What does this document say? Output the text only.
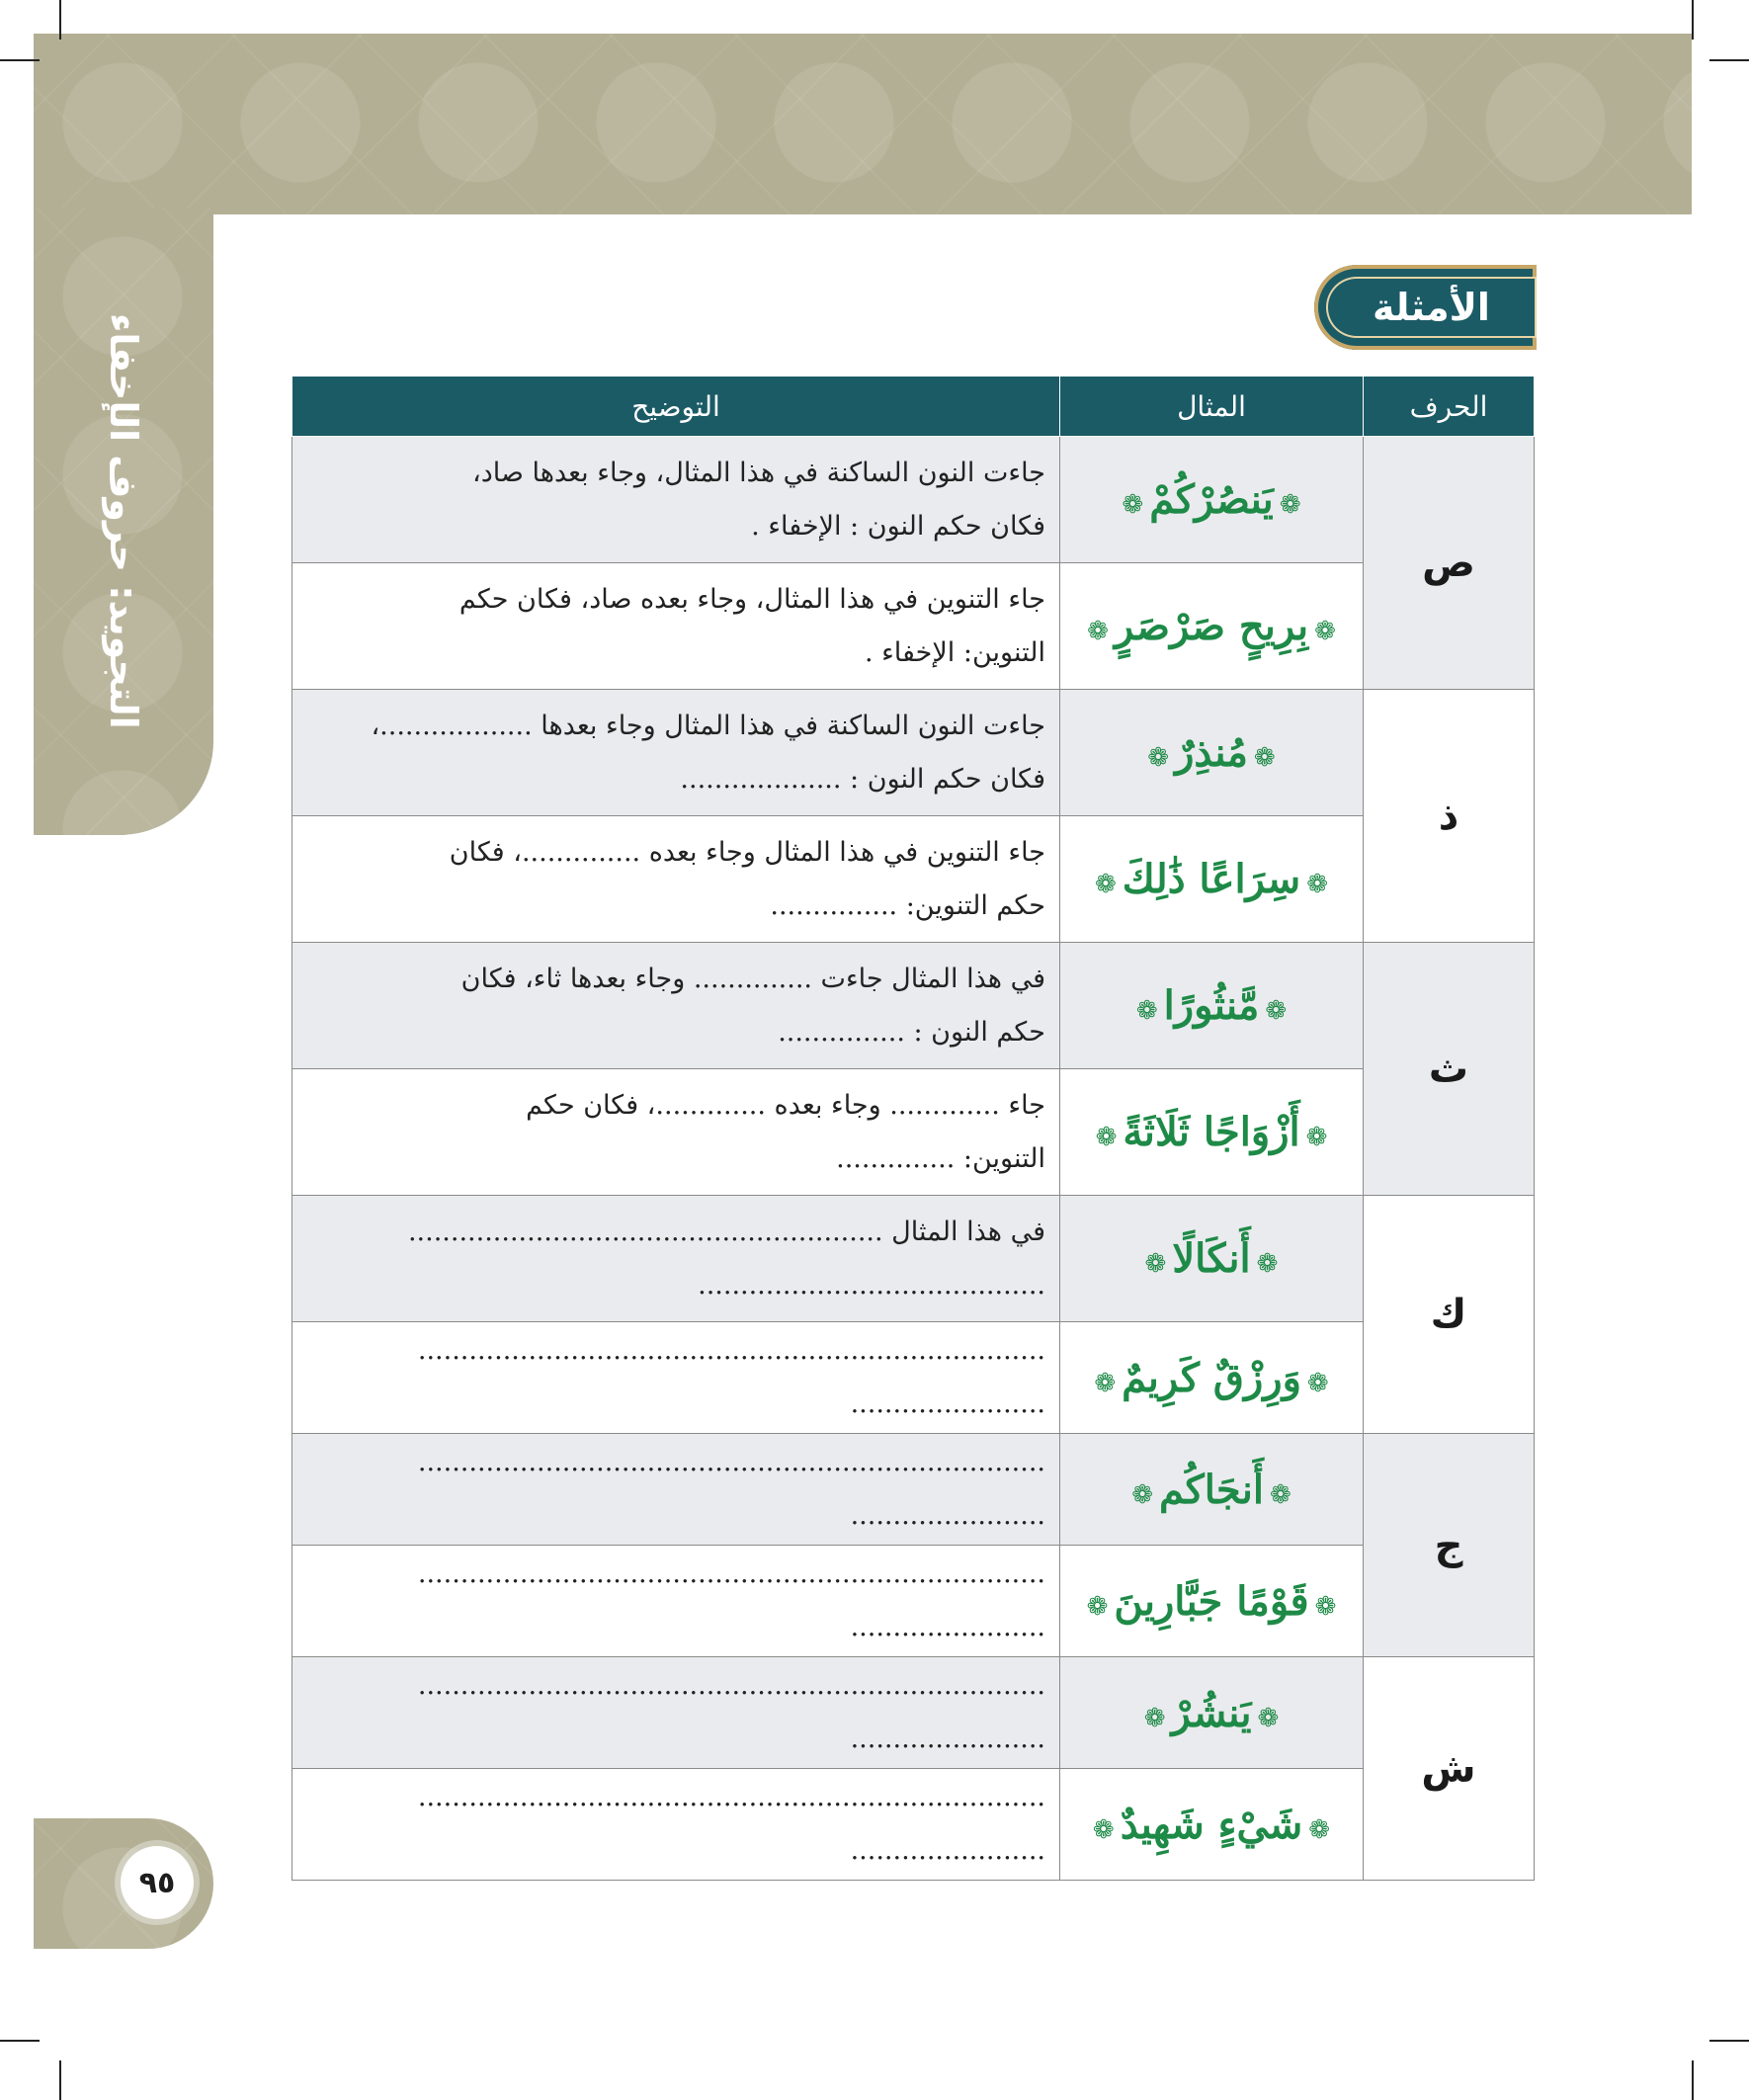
التجويد: حروف الإخفاء
٩٥
الأمثلة
الحرف	المثال	التوضيح
ص	❁يَنصُرْكُمْ❁	جاءت النون الساكنة في هذا المثال، وجاء بعدها صاد،
فكان حكم النون : الإخفاء .

	❁بِرِيحٍ صَرْصَرٍ❁	جاء التنوين في هذا المثال، وجاء بعده صاد، فكان حكم
التنوين: الإخفاء .

ذ	❁مُنذِرٌ❁	جاءت النون الساكنة في هذا المثال وجاء بعدها ..................،
فكان حكم النون : ...................

	❁سِرَاعًا ذَٰلِكَ❁	جاء التنوين في هذا المثال وجاء بعده ..............، فكان
حكم التنوين: ...............

ث	❁مَّنثُورًا❁	في هذا المثال جاءت .............. وجاء بعدها ثاء، فكان
حكم النون : ...............

	❁أَزْوَاجًا ثَلَاثَةً❁	جاء ............. وجاء بعده .............، فكان حكم
التنوين: ..............

ك	❁أَنكَالًا❁	في هذا المثال ........................................................
.........................................

	❁وَرِزْقٌ كَرِيمٌ❁	..........................................................................
.......................

ج	❁أَنجَاكُم❁	..........................................................................
.......................

	❁قَوْمًا جَبَّارِينَ❁	..........................................................................
.......................

ش	❁يَنشُرْ❁	..........................................................................
.......................

	❁شَيْءٍ شَهِيدٌ❁	..........................................................................
.......................
